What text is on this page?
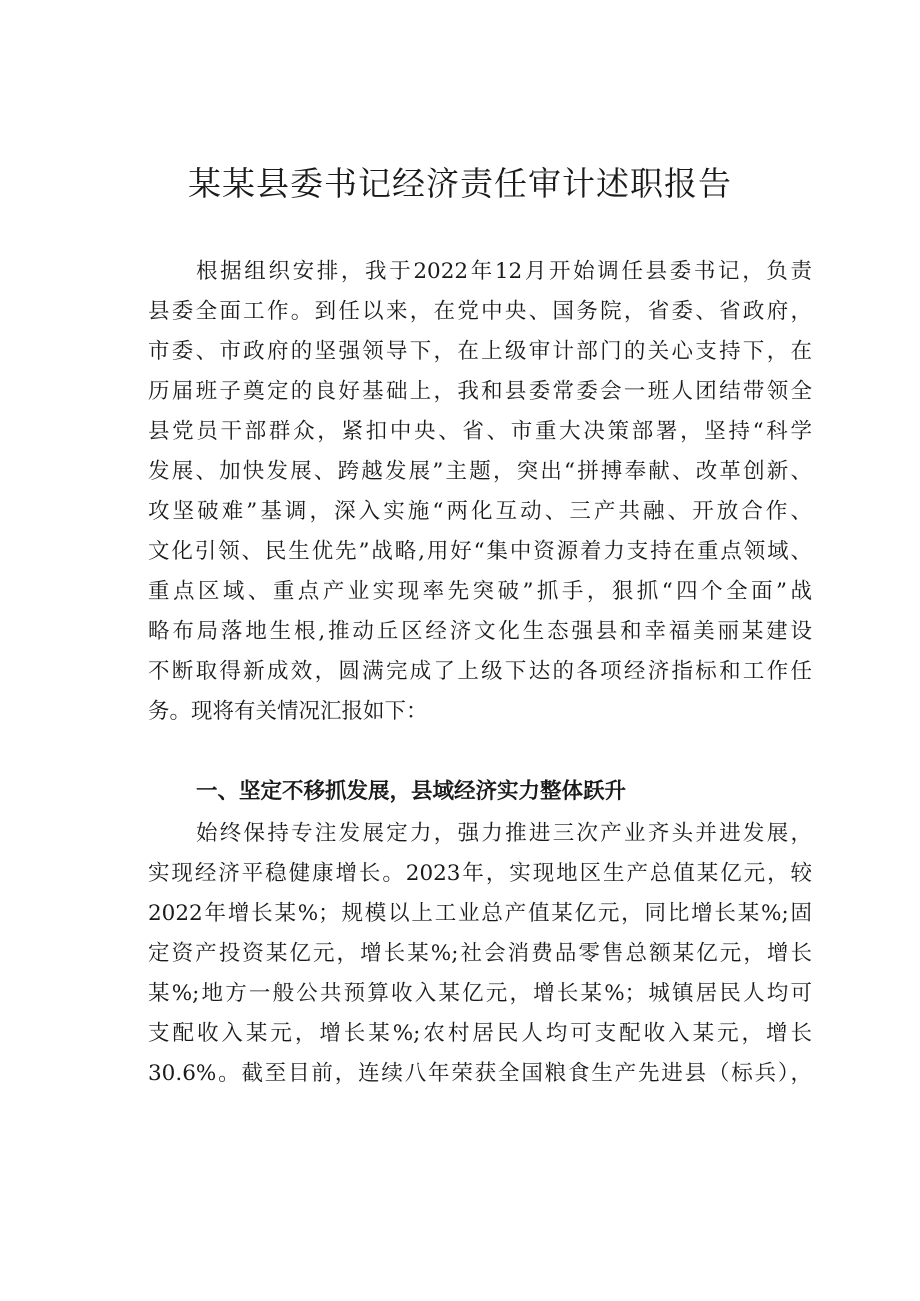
某某县委书记经济责任审计述职报告
根据组织安排，我于2022年12月开始调任县委书记，负责
县委全面工作。到任以来，在党中央、国务院，省委、省政府，
市委、市政府的坚强领导下，在上级审计部门的关心支持下，在
历届班子奠定的良好基础上，我和县委常委会一班人团结带领全
县党员干部群众，紧扣中央、省、市重大决策部署，坚持“科学
发展、加快发展、跨越发展”主题，突出“拼搏奉献、改革创新、
攻坚破难”基调，深入实施“两化互动、三产共融、开放合作、
文化引领、民生优先”战略,用好“集中资源着力支持在重点领域、
重点区域、重点产业实现率先突破”抓手，狠抓“四个全面”战
略布局落地生根,推动丘区经济文化生态强县和幸福美丽某建设
不断取得新成效，圆满完成了上级下达的各项经济指标和工作任
务。现将有关情况汇报如下：
一、坚定不移抓发展，县域经济实力整体跃升
始终保持专注发展定力，强力推进三次产业齐头并进发展，
实现经济平稳健康增长。2023年，实现地区生产总值某亿元，较
2022年增长某%；规模以上工业总产值某亿元，同比增长某%;固
定资产投资某亿元，增长某%;社会消费品零售总额某亿元，增长
某%;地方一般公共预算收入某亿元，增长某%；城镇居民人均可
支配收入某元，增长某%;农村居民人均可支配收入某元，增长
30.6%。截至目前，连续八年荣获全国粮食生产先进县（标兵），
